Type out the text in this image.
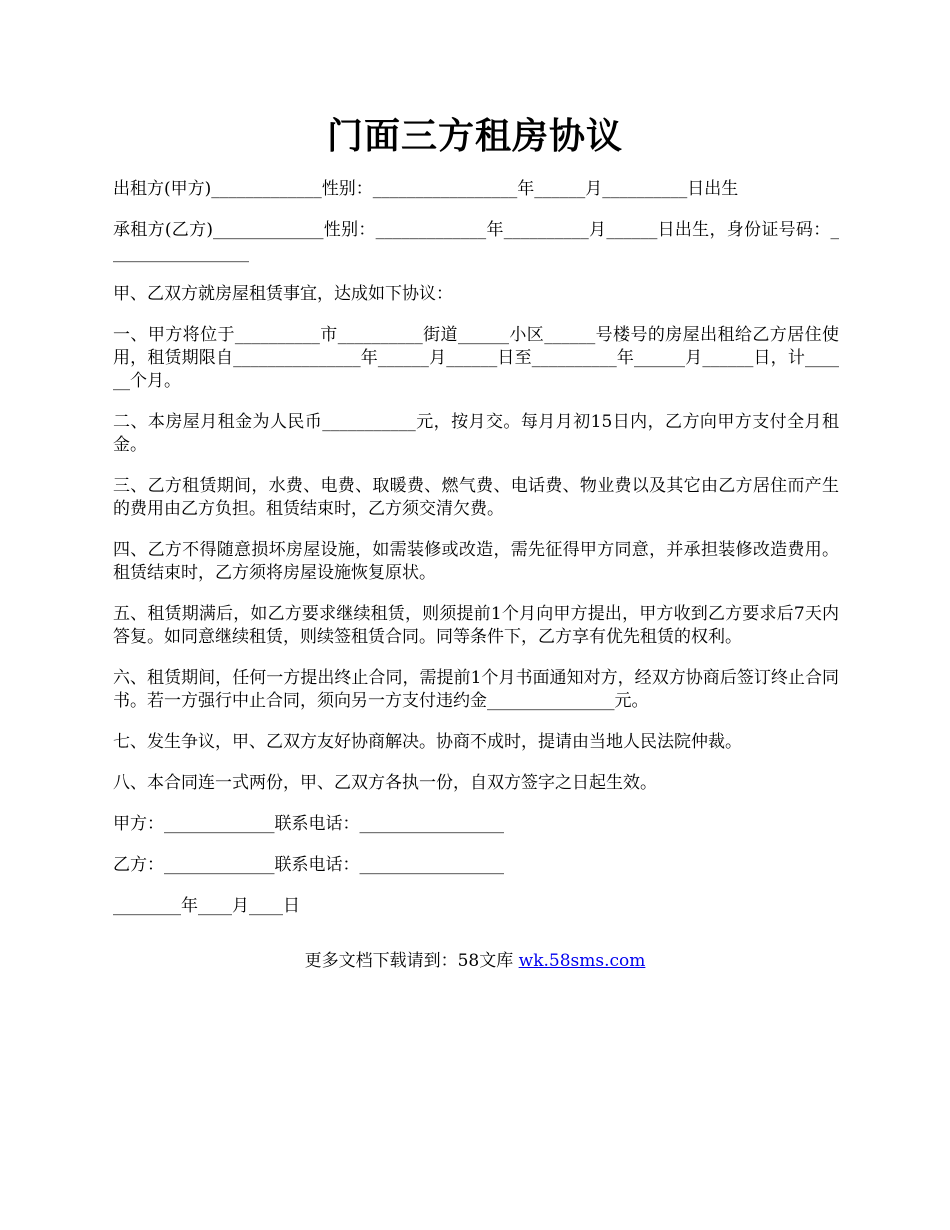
门面三方租房协议

出租方(甲方)_____________性别：_________________年______月__________日出生

承租方(乙方)_____________性别：_____________年__________月______日出生，身份证号码：_________________

甲、乙双方就房屋租赁事宜，达成如下协议：

一、甲方将位于__________市__________街道______小区______号楼号的房屋出租给乙方居住使用，租赁期限自_______________年______月______日至__________年______月______日，计______个月。

二、本房屋月租金为人民币___________元，按月交。每月月初15日内，乙方向甲方支付全月租金。

三、乙方租赁期间，水费、电费、取暖费、燃气费、电话费、物业费以及其它由乙方居住而产生的费用由乙方负担。租赁结束时，乙方须交清欠费。

四、乙方不得随意损坏房屋设施，如需装修或改造，需先征得甲方同意，并承担装修改造费用。租赁结束时，乙方须将房屋设施恢复原状。

五、租赁期满后，如乙方要求继续租赁，则须提前1个月向甲方提出，甲方收到乙方要求后7天内答复。如同意继续租赁，则续签租赁合同。同等条件下，乙方享有优先租赁的权利。

六、租赁期间，任何一方提出终止合同，需提前1个月书面通知对方，经双方协商后签订终止合同书。若一方强行中止合同，须向另一方支付违约金_______________元。

七、发生争议，甲、乙双方友好协商解决。协商不成时，提请由当地人民法院仲裁。

八、本合同连一式两份，甲、乙双方各执一份，自双方签字之日起生效。

甲方：_____________联系电话：_________________

乙方：_____________联系电话：_________________

________年____月____日

更多文档下载请到：58文库 wk.58sms.com
